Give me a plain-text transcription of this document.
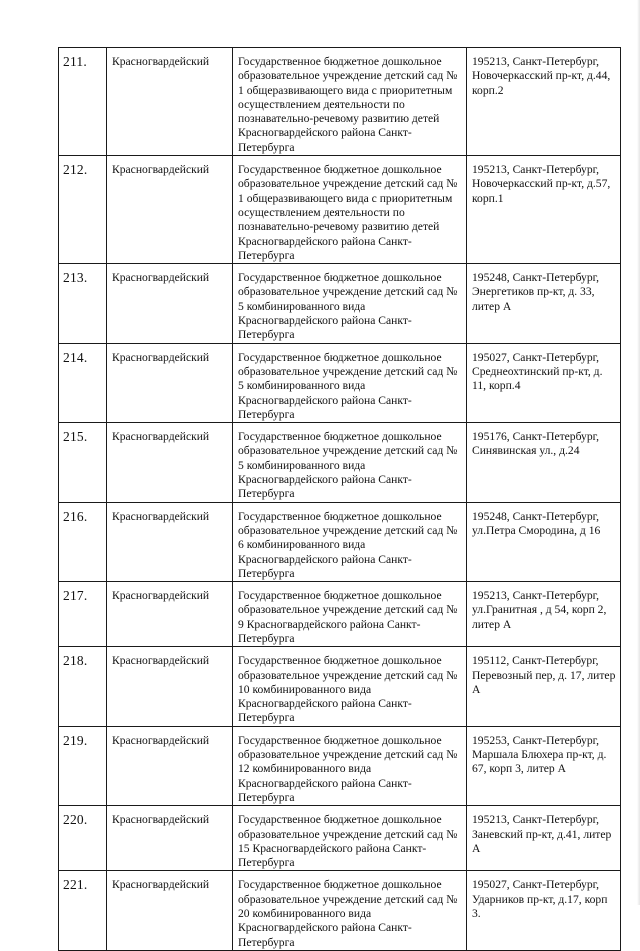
211.	Красногвардейский	Государственное бюджетное дошкольное образовательное учреждение детский сад № 1 общеразвивающего вида с приоритетным осуществлением деятельности по познавательно-речевому развитию детей Красногвардейского района Санкт-Петербурга	195213, Санкт-Петербург, Новочеркасский пр-кт, д.44, корп.2
212.	Красногвардейский	Государственное бюджетное дошкольное образовательное учреждение детский сад № 1 общеразвивающего вида с приоритетным осуществлением деятельности по познавательно-речевому развитию детей Красногвардейского района Санкт-Петербурга	195213, Санкт-Петербург, Новочеркасский пр-кт, д.57, корп.1
213.	Красногвардейский	Государственное бюджетное дошкольное образовательное учреждение детский сад № 5 комбинированного вида Красногвардейского района Санкт-Петербурга	195248, Санкт-Петербург, Энергетиков пр-кт, д. 33, литер А
214.	Красногвардейский	Государственное бюджетное дошкольное образовательное учреждение детский сад № 5 комбинированного вида Красногвардейского района Санкт-Петербурга	195027, Санкт-Петербург, Среднеохтинский пр-кт, д. 11, корп.4
215.	Красногвардейский	Государственное бюджетное дошкольное образовательное учреждение детский сад № 5 комбинированного вида Красногвардейского района Санкт-Петербурга	195176, Санкт-Петербург, Синявинская ул., д.24
216.	Красногвардейский	Государственное бюджетное дошкольное образовательное учреждение детский сад № 6 комбинированного вида Красногвардейского района Санкт-Петербурга	195248, Санкт-Петербург, ул.Петра Смородина, д 16
217.	Красногвардейский	Государственное бюджетное дошкольное образовательное учреждение детский сад № 9 Красногвардейского района Санкт-Петербурга	195213, Санкт-Петербург, ул.Гранитная , д 54, корп 2, литер А
218.	Красногвардейский	Государственное бюджетное дошкольное образовательное учреждение детский сад № 10 комбинированного вида Красногвардейского района Санкт-Петербурга	195112, Санкт-Петербург, Перевозный пер, д. 17, литер А
219.	Красногвардейский	Государственное бюджетное дошкольное образовательное учреждение детский сад № 12 комбинированного вида Красногвардейского района Санкт-Петербурга	195253, Санкт-Петербург, Маршала Блюхера пр-кт, д. 67, корп 3, литер А
220.	Красногвардейский	Государственное бюджетное дошкольное образовательное учреждение детский сад № 15 Красногвардейского района Санкт-Петербурга	195213, Санкт-Петербург, Заневский пр-кт, д.41, литер А
221.	Красногвардейский	Государственное бюджетное дошкольное образовательное учреждение детский сад № 20 комбинированного вида Красногвардейского района Санкт-Петербурга	195027, Санкт-Петербург, Ударников пр-кт, д.17, корп 3.
